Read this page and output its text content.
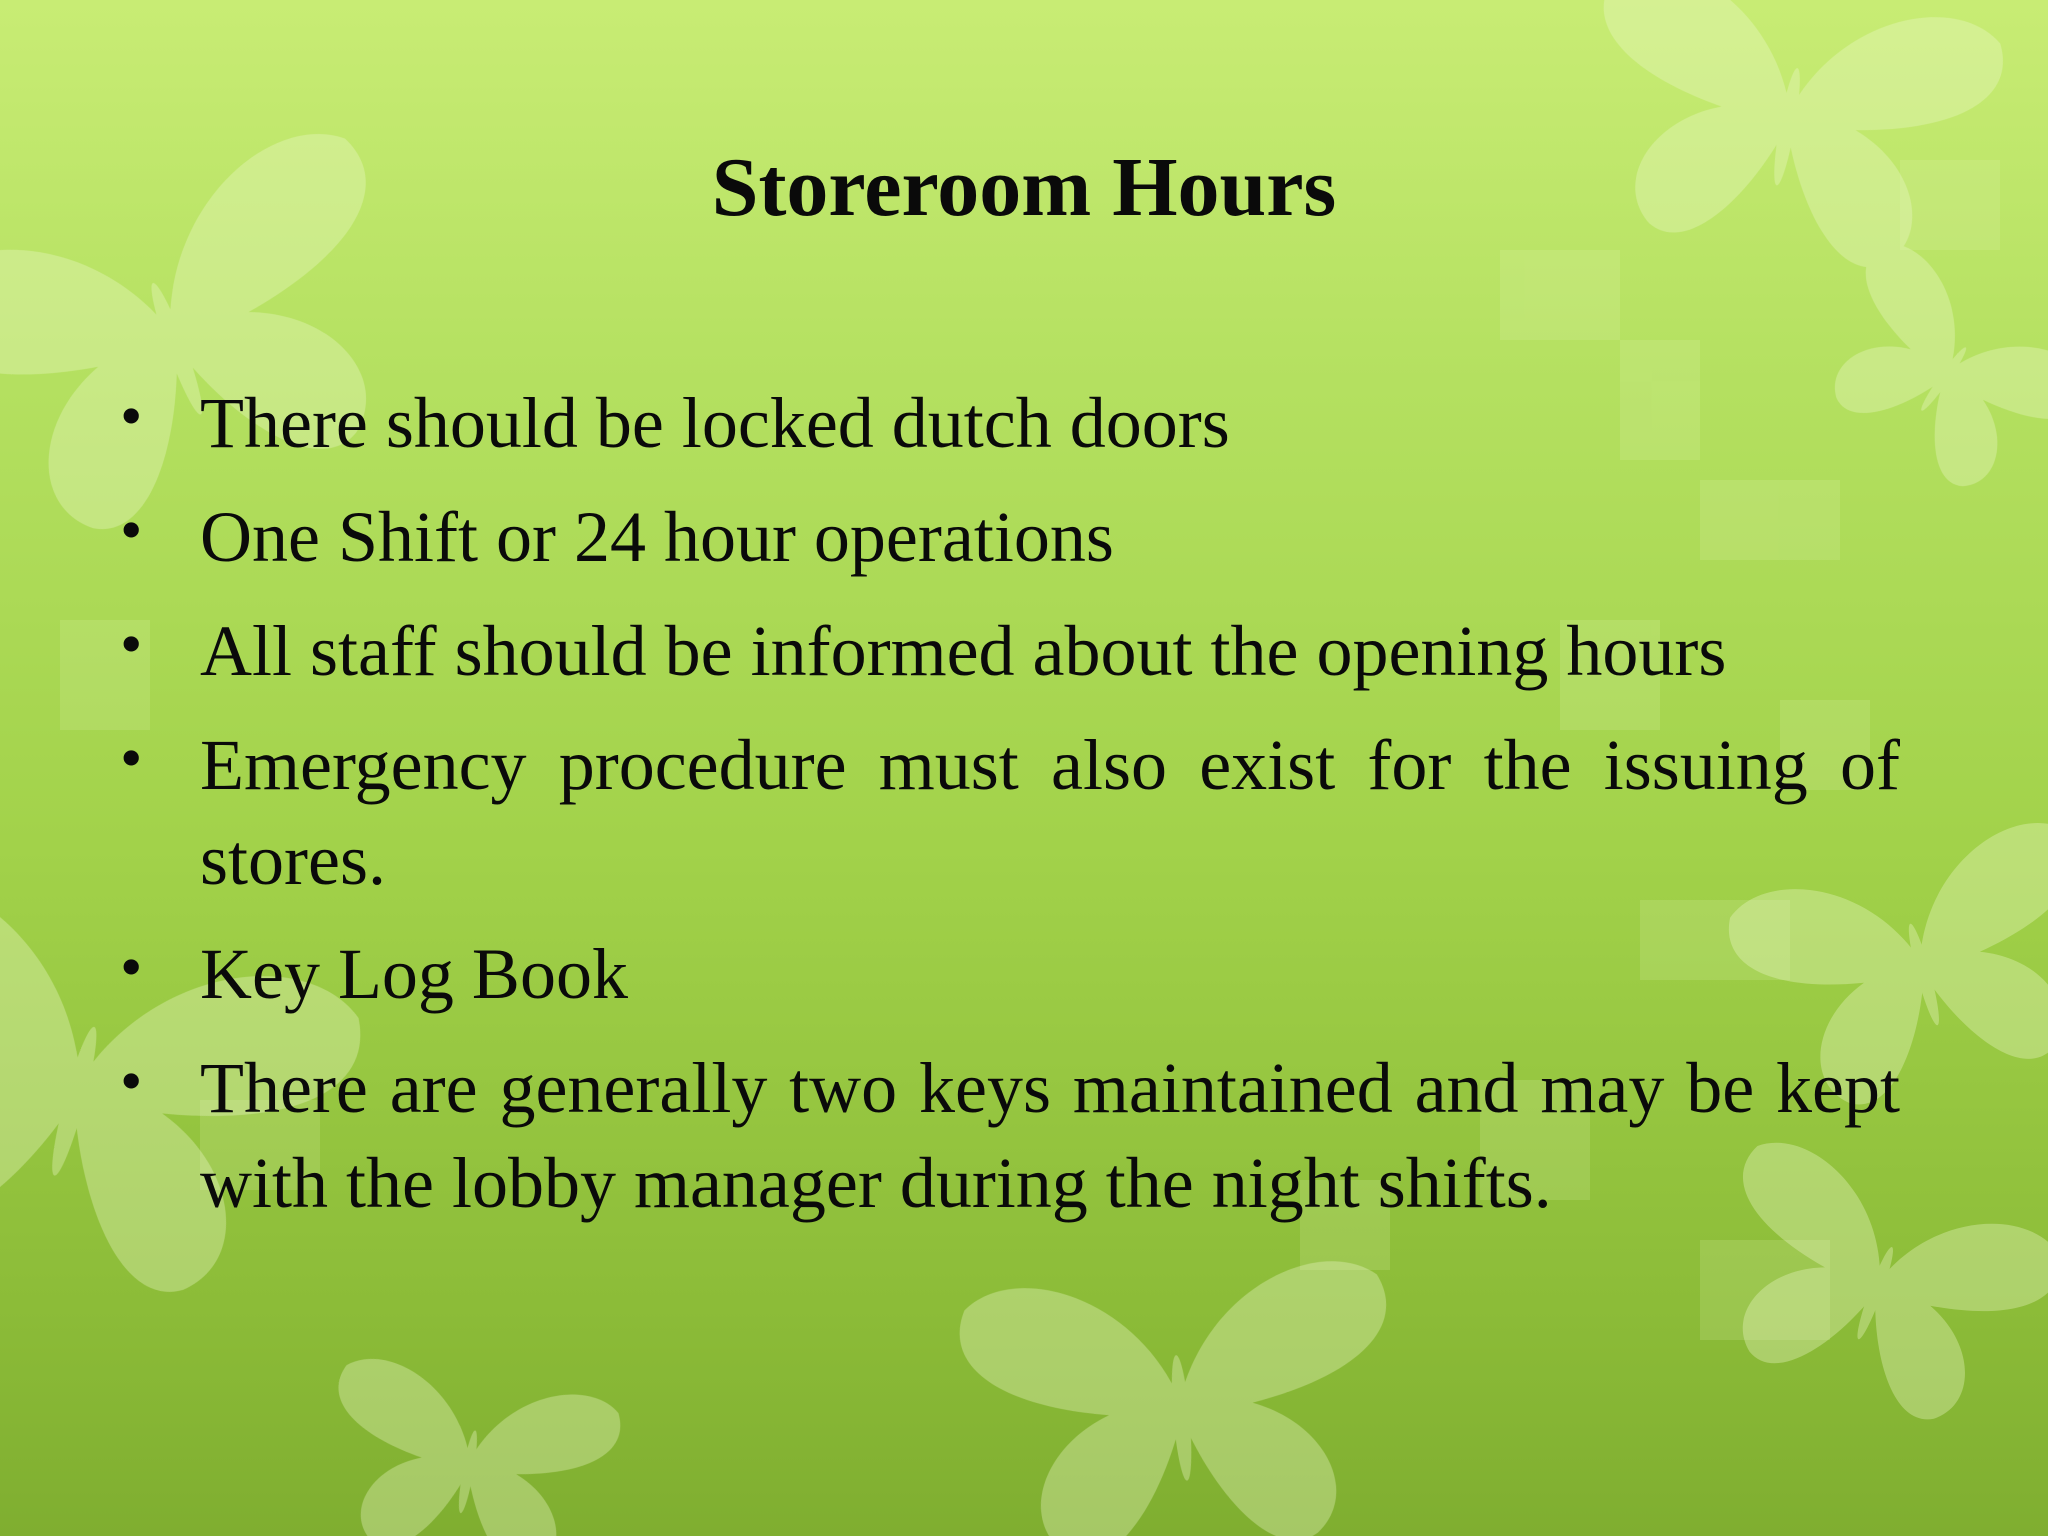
Storeroom Hours
• There should be locked dutch doors
• One Shift or 24 hour operations
• All staff should be informed about the opening hours
• Emergency procedure must also exist for the issuing of stores.
• Key Log Book
• There are generally two keys maintained and may be kept with the lobby manager during the night shifts.
